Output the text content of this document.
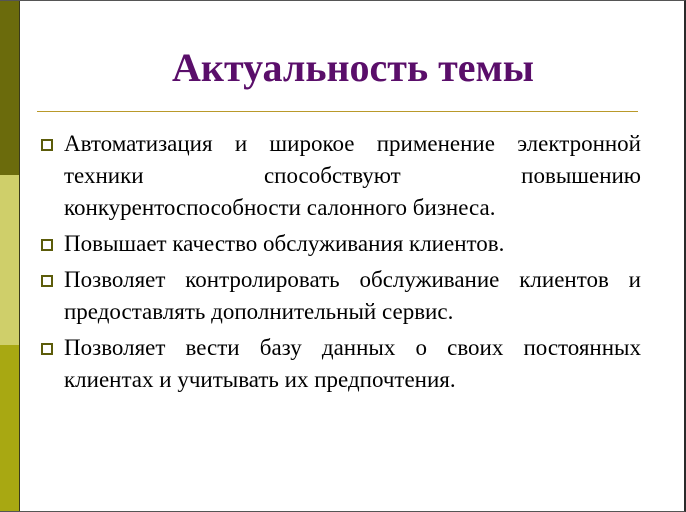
Актуальность темы
Автоматизация и широкое применение электронной техники способствуют повышению конкурентоспособности салонного бизнеса.
Повышает качество обслуживания клиентов.
Позволяет контролировать обслуживание клиентов и предоставлять дополнительный сервис.
Позволяет вести базу данных о своих постоянных клиентах и учитывать их предпочтения.
